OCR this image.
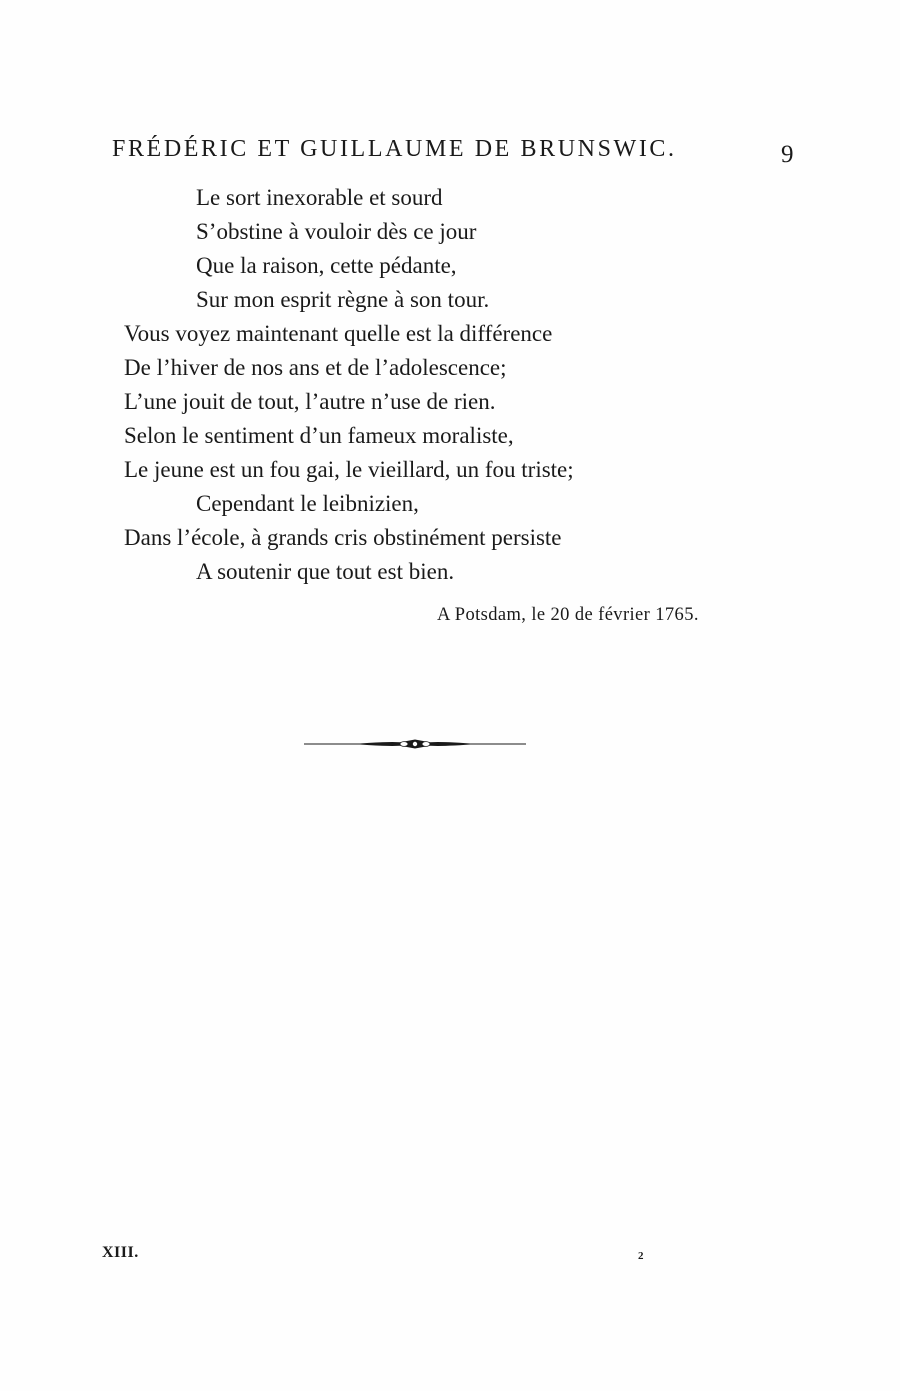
FRÉDÉRIC ET GUILLAUME DE BRUNSWIC.	9
Le sort inexorable et sourd
S’obstine à vouloir dès ce jour
Que la raison, cette pédante,
Sur mon esprit règne à son tour.
Vous voyez maintenant quelle est la différence
De l’hiver de nos ans et de l’adolescence;
L’une jouit de tout, l’autre n’use de rien.
Selon le sentiment d’un fameux moraliste,
Le jeune est un fou gai, le vieillard, un fou triste;
Cependant le leibnizien,
Dans l’école, à grands cris obstinément persiste
A soutenir que tout est bien.
A Potsdam, le 20 de février 1765.
XIII.	2
